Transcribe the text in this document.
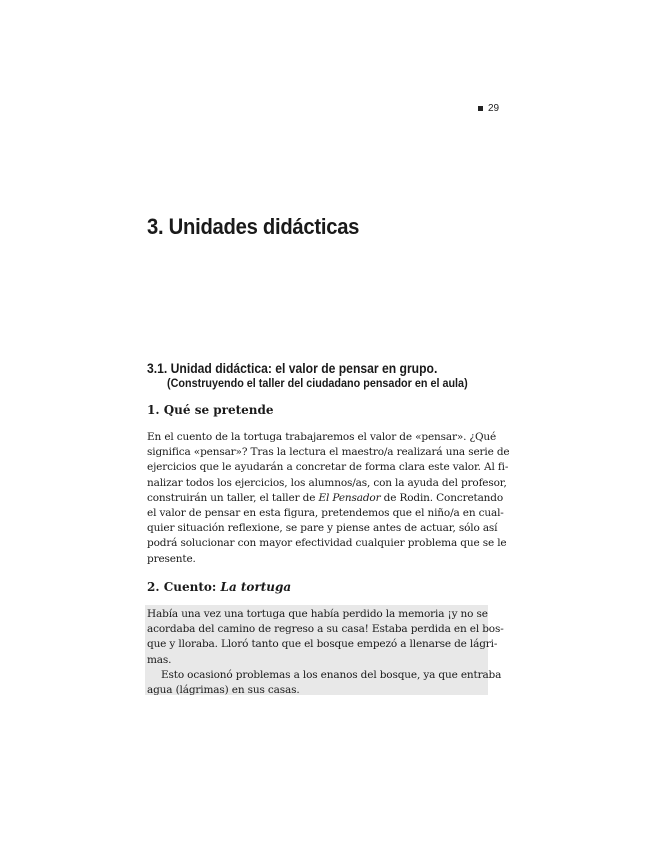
29
3. Unidades didácticas
3.1. Unidad didáctica: el valor de pensar en grupo.
(Construyendo el taller del ciudadano pensador en el aula)
1. Qué se pretende
En el cuento de la tortuga trabajaremos el valor de «pensar». ¿Qué
significa «pensar»? Tras la lectura el maestro/a realizará una serie de
ejercicios que le ayudarán a concretar de forma clara este valor. Al fi-
nalizar todos los ejercicios, los alumnos/as, con la ayuda del profesor,
construirán un taller, el taller de El Pensador de Rodin. Concretando
el valor de pensar en esta figura, pretendemos que el niño/a en cual-
quier situación reflexione, se pare y piense antes de actuar, sólo así
podrá solucionar con mayor efectividad cualquier problema que se le
presente.
2. Cuento: La tortuga
Había una vez una tortuga que había perdido la memoria ¡y no se
acordaba del camino de regreso a su casa! Estaba perdida en el bos-
que y lloraba. Lloró tanto que el bosque empezó a llenarse de lágri-
mas.
Esto ocasionó problemas a los enanos del bosque, ya que entraba
agua (lágrimas) en sus casas.
